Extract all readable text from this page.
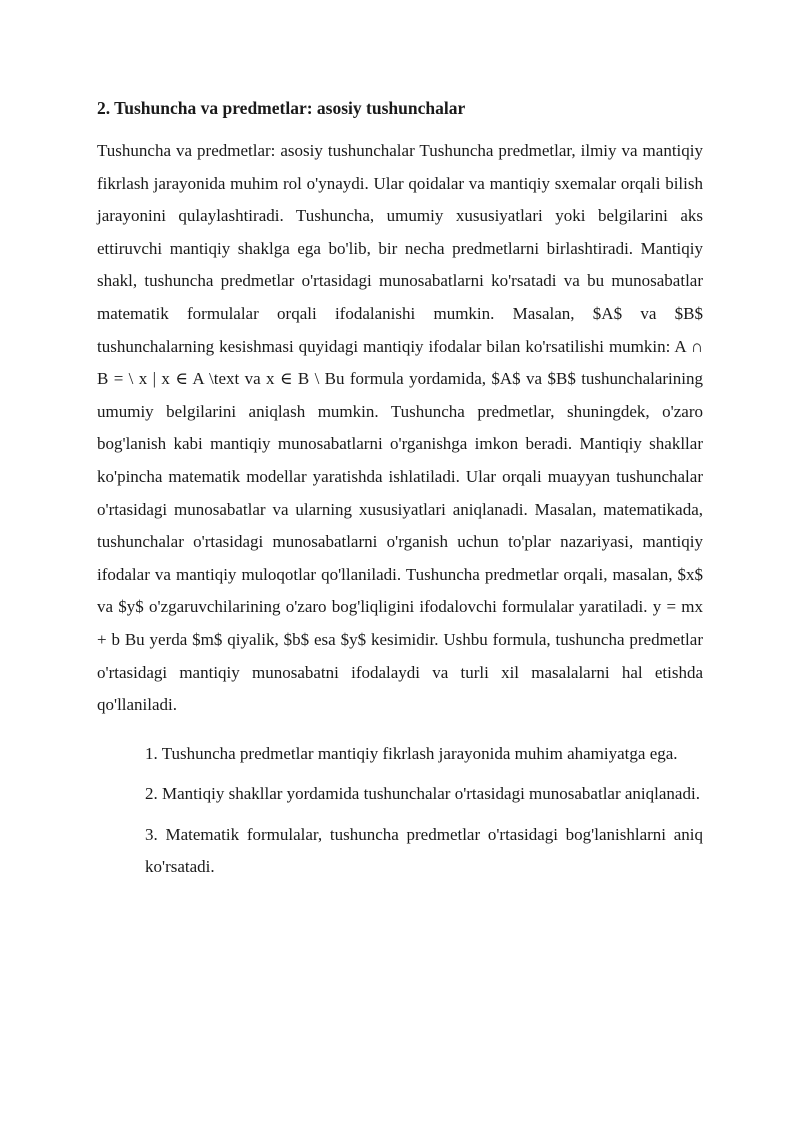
2. Tushuncha va predmetlar: asosiy tushunchalar

Tushuncha va predmetlar: asosiy tushunchalar Tushuncha predmetlar, ilmiy va mantiqiy fikrlash jarayonida muhim rol o'ynaydi. Ular qoidalar va mantiqiy sxemalar orqali bilish jarayonini qulaylashtiradi. Tushuncha, umumiy xususiyatlari yoki belgilarini aks ettiruvchi mantiqiy shaklga ega bo'lib, bir necha predmetlarni birlashtiradi. Mantiqiy shakl, tushuncha predmetlar o'rtasidagi munosabatlarni ko'rsatadi va bu munosabatlar matematik formulalar orqali ifodalanishi mumkin. Masalan, $A$ va $B$ tushunchalarning kesishmasi quyidagi mantiqiy ifodalar bilan ko'rsatilishi mumkin: A ∩ B = \ x | x ∈ A \text va x ∈ B \ Bu formula yordamida, $A$ va $B$ tushunchalarining umumiy belgilarini aniqlash mumkin. Tushuncha predmetlar, shuningdek, o'zaro bog'lanish kabi mantiqiy munosabatlarni o'rganishga imkon beradi. Mantiqiy shakllar ko'pincha matematik modellar yaratishda ishlatiladi. Ular orqali muayyan tushunchalar o'rtasidagi munosabatlar va ularning xususiyatlari aniqlanadi. Masalan, matematikada, tushunchalar o'rtasidagi munosabatlarni o'rganish uchun to'plar nazariyasi, mantiqiy ifodalar va mantiqiy muloqotlar qo'llaniladi. Tushuncha predmetlar orqali, masalan, $x$ va $y$ o'zgaruvchilarining o'zaro bog'liqligini ifodalovchi formulalar yaratiladi. y = mx + b Bu yerda $m$ qiyalik, $b$ esa $y$ kesimidir. Ushbu formula, tushuncha predmetlar o'rtasidagi mantiqiy munosabatni ifodalaydi va turli xil masalalarni hal etishda qo'llaniladi.

1. Tushuncha predmetlar mantiqiy fikrlash jarayonida muhim ahamiyatga ega.
2. Mantiqiy shakllar yordamida tushunchalar o'rtasidagi munosabatlar aniqlanadi.
3. Matematik formulalar, tushuncha predmetlar o'rtasidagi bog'lanishlarni aniq ko'rsatadi.
